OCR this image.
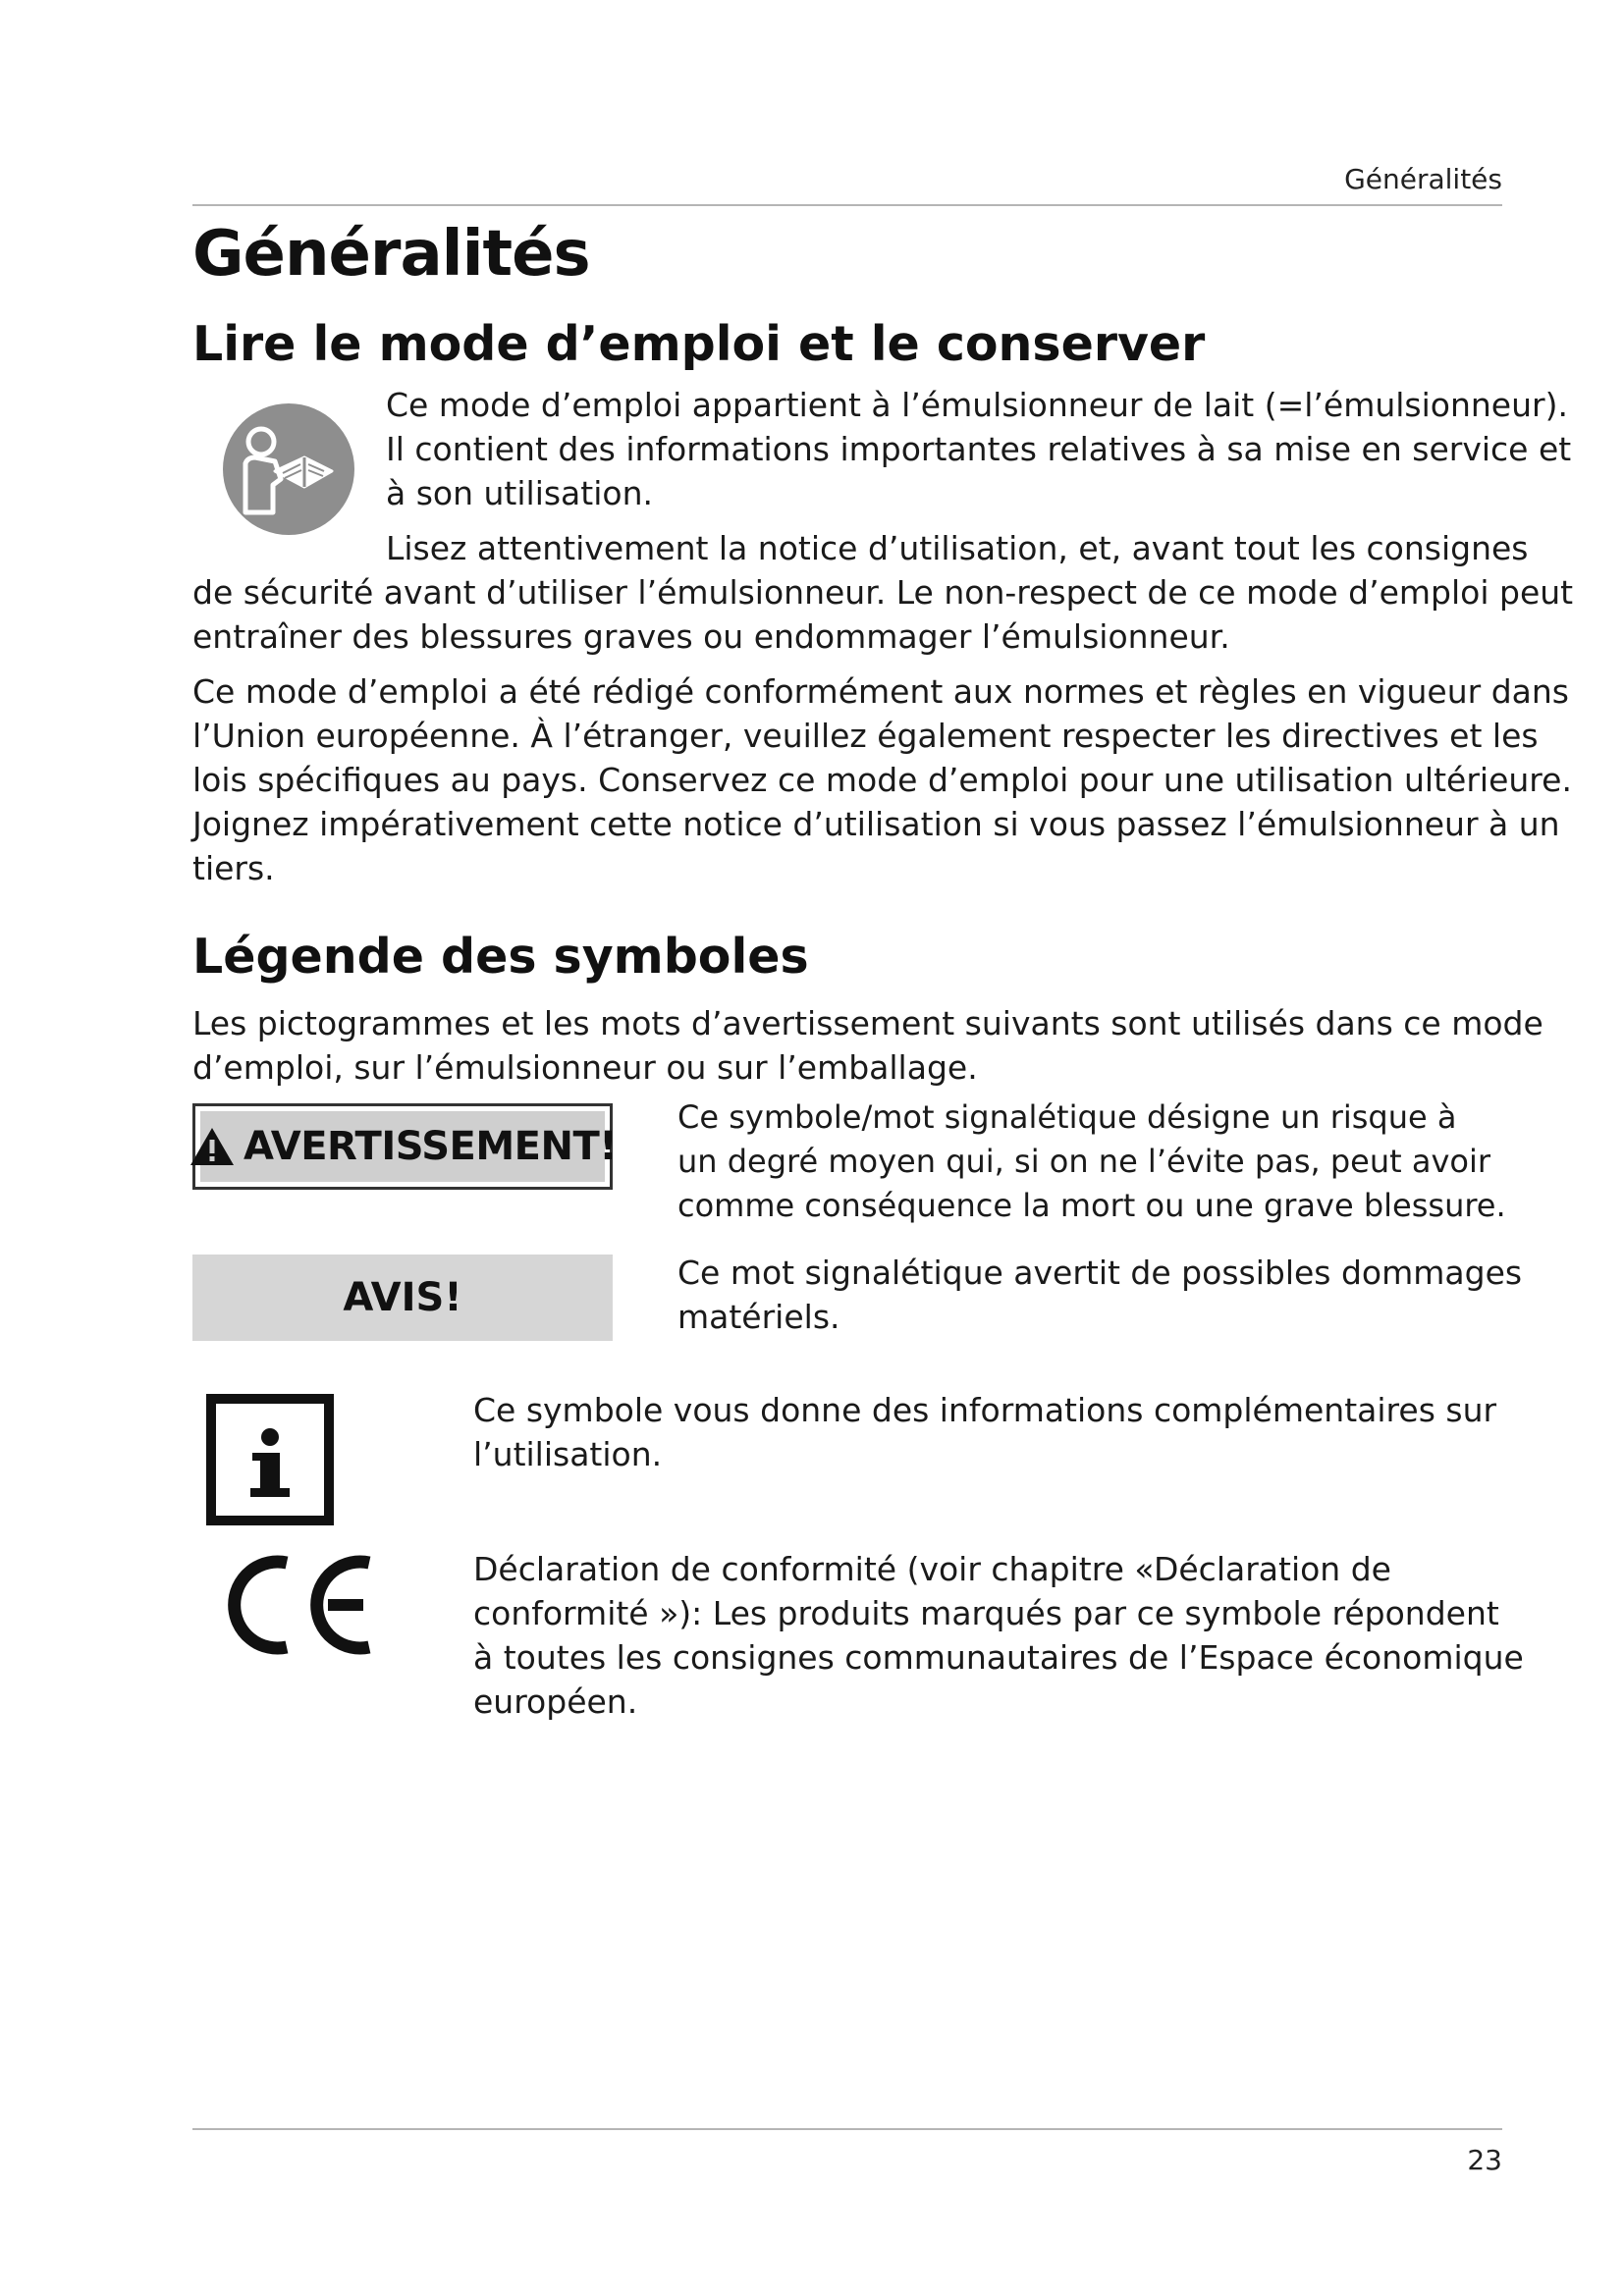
Généralités
Généralités
Lire le mode d’emploi et le conserver
Ce mode d’emploi appartient à l’émulsionneur de lait (=l’émulsionneur).
Il contient des informations importantes relatives à sa mise en service et
à son utilisation.
Lisez attentivement la notice d’utilisation, et, avant tout les consignes
de sécurité avant d’utiliser l’émulsionneur. Le non-respect de ce mode d’emploi peut
entraîner des blessures graves ou endommager l’émulsionneur.
Ce mode d’emploi a été rédigé conformément aux normes et règles en vigueur dans
l’Union européenne. À l’étranger, veuillez également respecter les directives et les
lois spécifiques au pays. Conservez ce mode d’emploi pour une utilisation ultérieure.
Joignez impérativement cette notice d’utilisation si vous passez l’émulsionneur à un
tiers.
Légende des symboles
Les pictogrammes et les mots d’avertissement suivants sont utilisés dans ce mode
d’emploi, sur l’émulsionneur ou sur l’emballage.
AVERTISSEMENT!
Ce symbole/mot signalétique désigne un risque à
un degré moyen qui, si on ne l’évite pas, peut avoir
comme conséquence la mort ou une grave blessure.
AVIS!
Ce mot signalétique avertit de possibles dommages
matériels.
Ce symbole vous donne des informations complémentaires sur
l’utilisation.
Déclaration de conformité (voir chapitre «Déclaration de
conformité »): Les produits marqués par ce symbole répondent
à toutes les consignes communautaires de l’Espace économique
européen.
23
